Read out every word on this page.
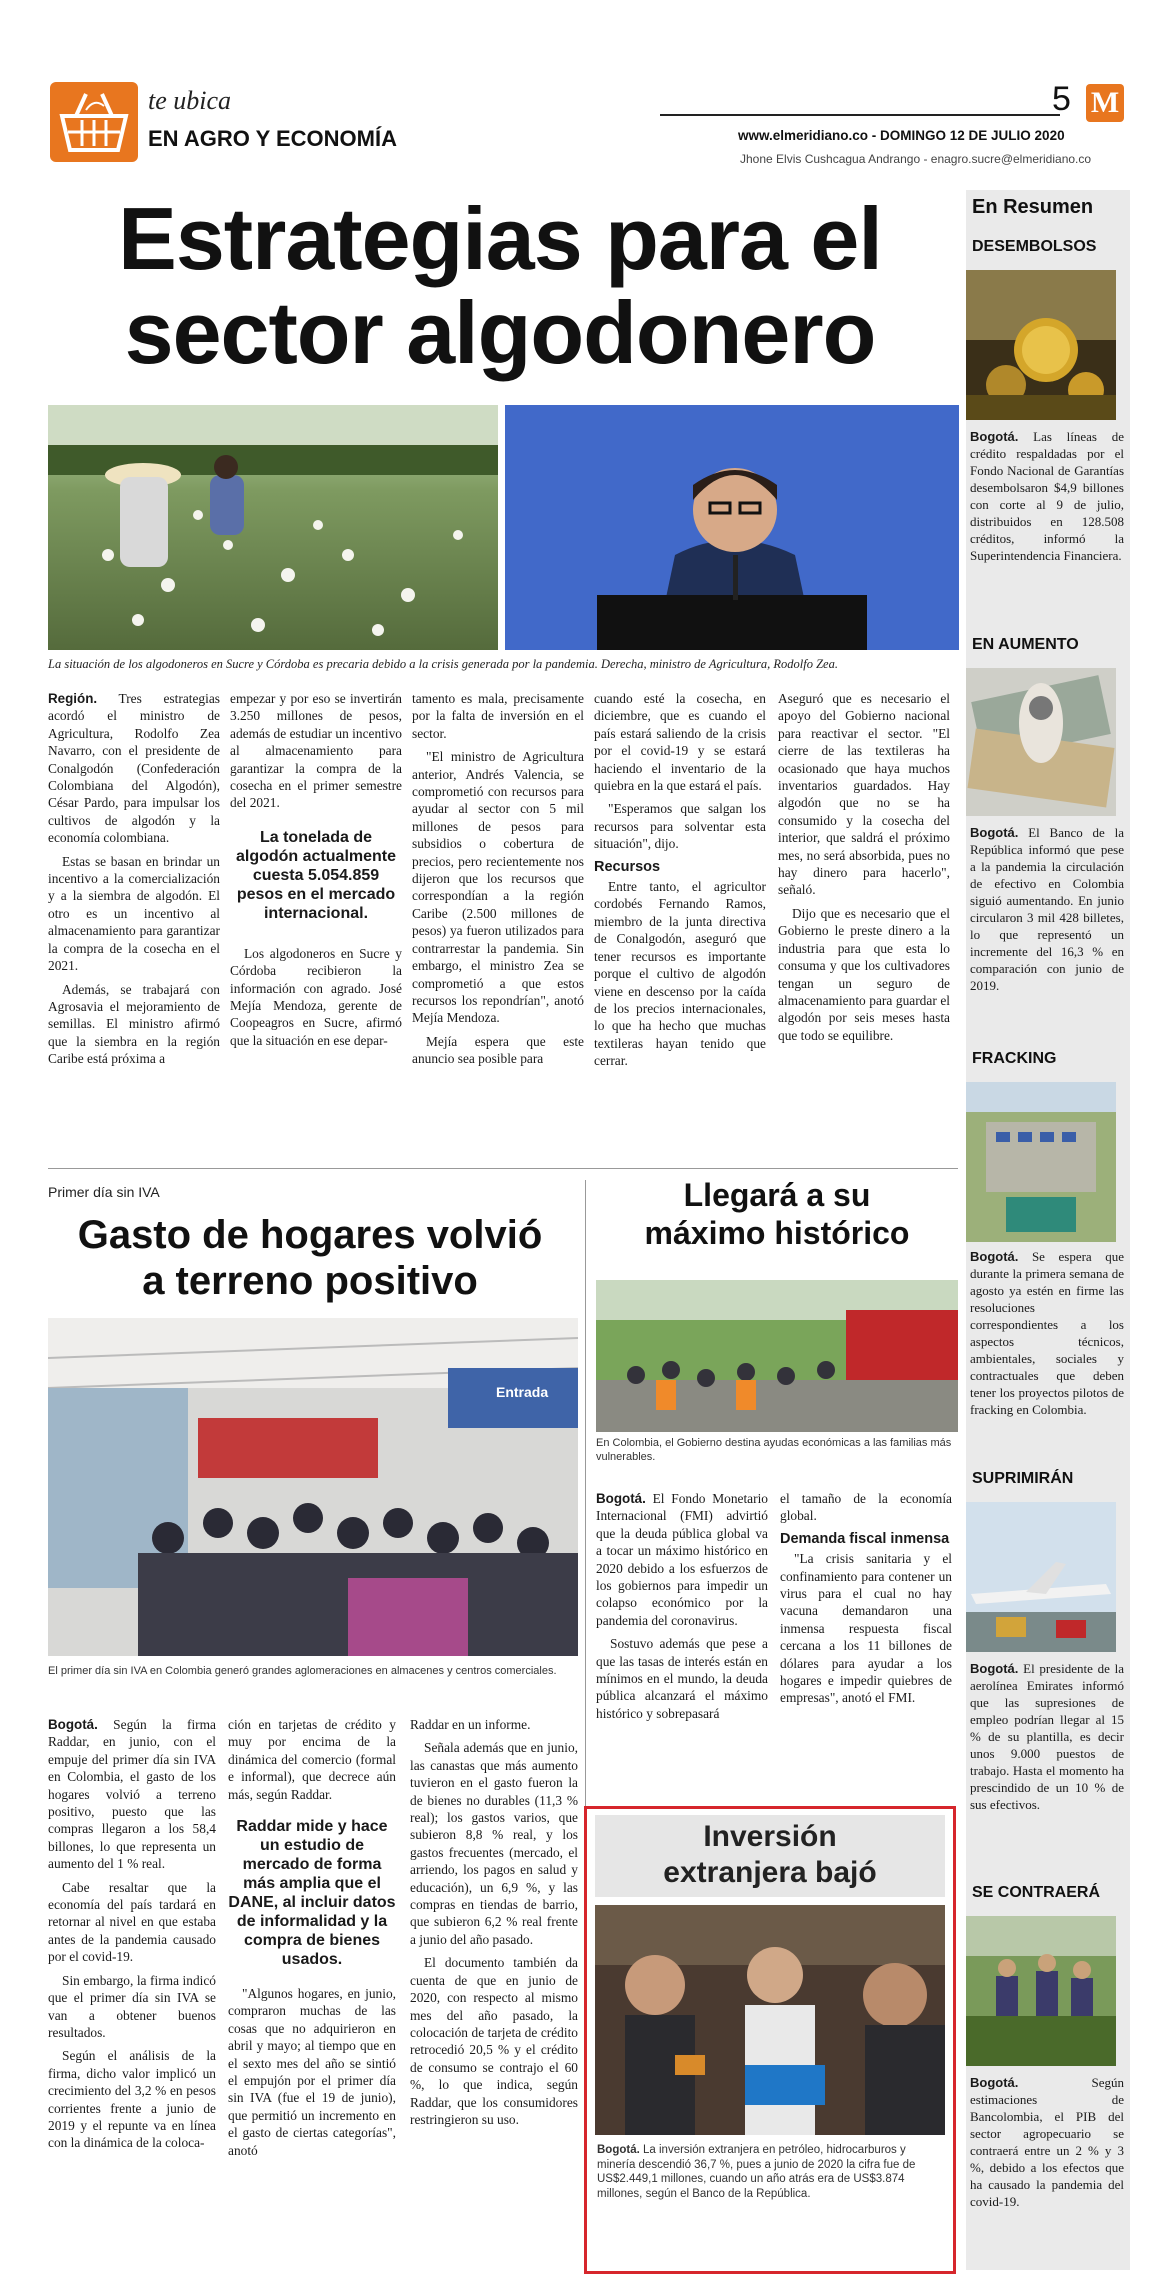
te ubica
EN AGRO Y ECONOMÍA
5 M
www.elmeridiano.co - DOMINGO 12 DE JULIO 2020
Jhone Elvis Cushcagua Andrango - enagro.sucre@elmeridiano.co
Estrategias para el
sector algodonero
La situación de los algodoneros en Sucre y Córdoba es precaria debido a la crisis generada por la pandemia. Derecha, ministro de Agricultura, Rodolfo Zea.

Región. Tres estrategias acordó el ministro de Agricultura, Rodolfo Zea Navarro, con el presidente de Conalgodón (Confederación Colombiana del Algodón), César Pardo, para impulsar los cultivos de algodón y la economía colombiana.

Estas se basan en brindar un incentivo a la comercialización y a la siembra de algodón. El otro es un incentivo al almacenamiento para garantizar la compra de la cosecha en el 2021.

Además, se trabajará con Agrosavia el mejoramiento de semillas. El ministro afirmó que la siembra en la región Caribe está próxima a

empezar y por eso se invertirán 3.250 millones de pesos, además de estudiar un incentivo al almacenamiento para garantizar la compra de la cosecha en el primer semestre del 2021.

La tonelada de algodón actualmente cuesta 5.054.859 pesos en el mercado internacional.

Los algodoneros en Sucre y Córdoba recibieron la información con agrado. José Mejía Mendoza, gerente de Coopeagros en Sucre, afirmó que la situación en ese depar-

tamento es mala, precisamente por la falta de inversión en el sector.

"El ministro de Agricultura anterior, Andrés Valencia, se comprometió con recursos para ayudar al sector con 5 mil millones de pesos para subsidios o cobertura de precios, pero recientemente nos dijeron que los recursos que correspondían a la región Caribe (2.500 millones de pesos) ya fueron utilizados para contrarrestar la pandemia. Sin embargo, el ministro Zea se comprometió a que estos recursos los repondrían", anotó Mejía Mendoza.

Mejía espera que este anuncio sea posible para

cuando esté la cosecha, en diciembre, que es cuando el país estará saliendo de la crisis por el covid-19 y se estará haciendo el inventario de la quiebra en la que estará el país.

"Esperamos que salgan los recursos para solventar esta situación", dijo.

Recursos

Entre tanto, el agricultor cordobés Fernando Ramos, miembro de la junta directiva de Conalgodón, aseguró que tener recursos es importante porque el cultivo de algodón viene en descenso por la caída de los precios internacionales, lo que ha hecho que muchas textileras hayan tenido que cerrar.

Aseguró que es necesario el apoyo del Gobierno nacional para reactivar el sector. "El cierre de las textileras ha ocasionado que haya muchos inventarios guardados. Hay algodón que no se ha consumido y la cosecha del interior, que saldrá el próximo mes, no será absorbida, pues no hay dinero para hacerlo", señaló.

Dijo que es necesario que el Gobierno le preste dinero a la industria para que esta lo consuma y que los cultivadores tengan un seguro de almacenamiento para guardar el algodón por seis meses hasta que todo se equilibre.

Primer día sin IVA
Gasto de hogares volvió
a terreno positivo
Entrada
El primer día sin IVA en Colombia generó grandes aglomeraciones en almacenes y centros comerciales.

Bogotá. Según la firma Raddar, en junio, con el empuje del primer día sin IVA en Colombia, el gasto de los hogares volvió a terreno positivo, puesto que las compras llegaron a los 58,4 billones, lo que representa un aumento del 1 % real.

Cabe resaltar que la economía del país tardará en retornar al nivel en que estaba antes de la pandemia causado por el covid-19.

Sin embargo, la firma indicó que el primer día sin IVA se van a obtener buenos resultados.

Según el análisis de la firma, dicho valor implicó un crecimiento del 3,2 % en pesos corrientes frente a junio de 2019 y el repunte va en línea con la dinámica de la coloca-

ción en tarjetas de crédito y muy por encima de la dinámica del comercio (formal e informal), que decrece aún más, según Raddar.

Raddar mide y hace un estudio de mercado de forma más amplia que el DANE, al incluir datos de informalidad y la compra de bienes usados.

"Algunos hogares, en junio, compraron muchas de las cosas que no adquirieron en abril y mayo; al tiempo que en el sexto mes del año se sintió el empujón por el primer día sin IVA (fue el 19 de junio), que permitió un incremento en el gasto de ciertas categorías", anotó

Raddar en un informe.

Señala además que en junio, las canastas que más aumento tuvieron en el gasto fueron la de bienes no durables (11,3 % real); los gastos varios, que subieron 8,8 % real, y los gastos frecuentes (mercado, el arriendo, los pagos en salud y educación), un 6,9 %, y las compras en tiendas de barrio, que subieron 6,2 % real frente a junio del año pasado.

El documento también da cuenta de que en junio de 2020, con respecto al mismo mes del año pasado, la colocación de tarjeta de crédito retrocedió 20,5 % y el crédito de consumo se contrajo el 60 %, lo que indica, según Raddar, que los consumidores restringieron su uso.

Llegará a su
máximo histórico
En Colombia, el Gobierno destina ayudas económicas a las familias más vulnerables.

Bogotá. El Fondo Monetario Internacional (FMI) advirtió que la deuda pública global va a tocar un máximo histórico en 2020 debido a los esfuerzos de los gobiernos para impedir un colapso económico por la pandemia del coronavirus.

Sostuvo además que pese a que las tasas de interés están en mínimos en el mundo, la deuda pública alcanzará el máximo histórico y sobrepasará

el tamaño de la economía global.

Demanda fiscal inmensa

"La crisis sanitaria y el confinamiento para contener un virus para el cual no hay vacuna demandaron una inmensa respuesta fiscal cercana a los 11 billones de dólares para ayudar a los hogares e impedir quiebres de empresas", anotó el FMI.

Inversión
extranjera bajó
Bogotá. La inversión extranjera en petróleo, hidrocarburos y minería descendió 36,7 %, pues a junio de 2020 la cifra fue de US$2.449,1 millones, cuando un año atrás era de US$3.874 millones, según el Banco de la República.
En Resumen
DESEMBOLSOS
Bogotá. Las líneas de crédito respaldadas por el Fondo Nacional de Garantías desembolsaron $4,9 billones con corte al 9 de julio, distribuidos en 128.508 créditos, informó la Superintendencia Financiera.
EN AUMENTO
Bogotá. El Banco de la República informó que pese a la pandemia la circulación de efectivo en Colombia siguió aumentando. En junio circularon 3 mil 428 billetes, lo que representó un incremente del 16,3 % en comparación con junio de 2019.
FRACKING
Bogotá. Se espera que durante la primera semana de agosto ya estén en firme las resoluciones correspondientes a los aspectos técnicos, ambientales, sociales y contractuales que deben tener los proyectos pilotos de fracking en Colombia.
SUPRIMIRÁN
Bogotá. El presidente de la aerolínea Emirates informó que las supresiones de empleo podrían llegar al 15 % de su plantilla, es decir unos 9.000 puestos de trabajo. Hasta el momento ha prescindido de un 10 % de sus efectivos.
SE CONTRAERÁ
Bogotá. Según estimaciones de Bancolombia, el PIB del sector agropecuario se contraerá entre un 2 % y 3 %, debido a los efectos que ha causado la pandemia del covid-19.
